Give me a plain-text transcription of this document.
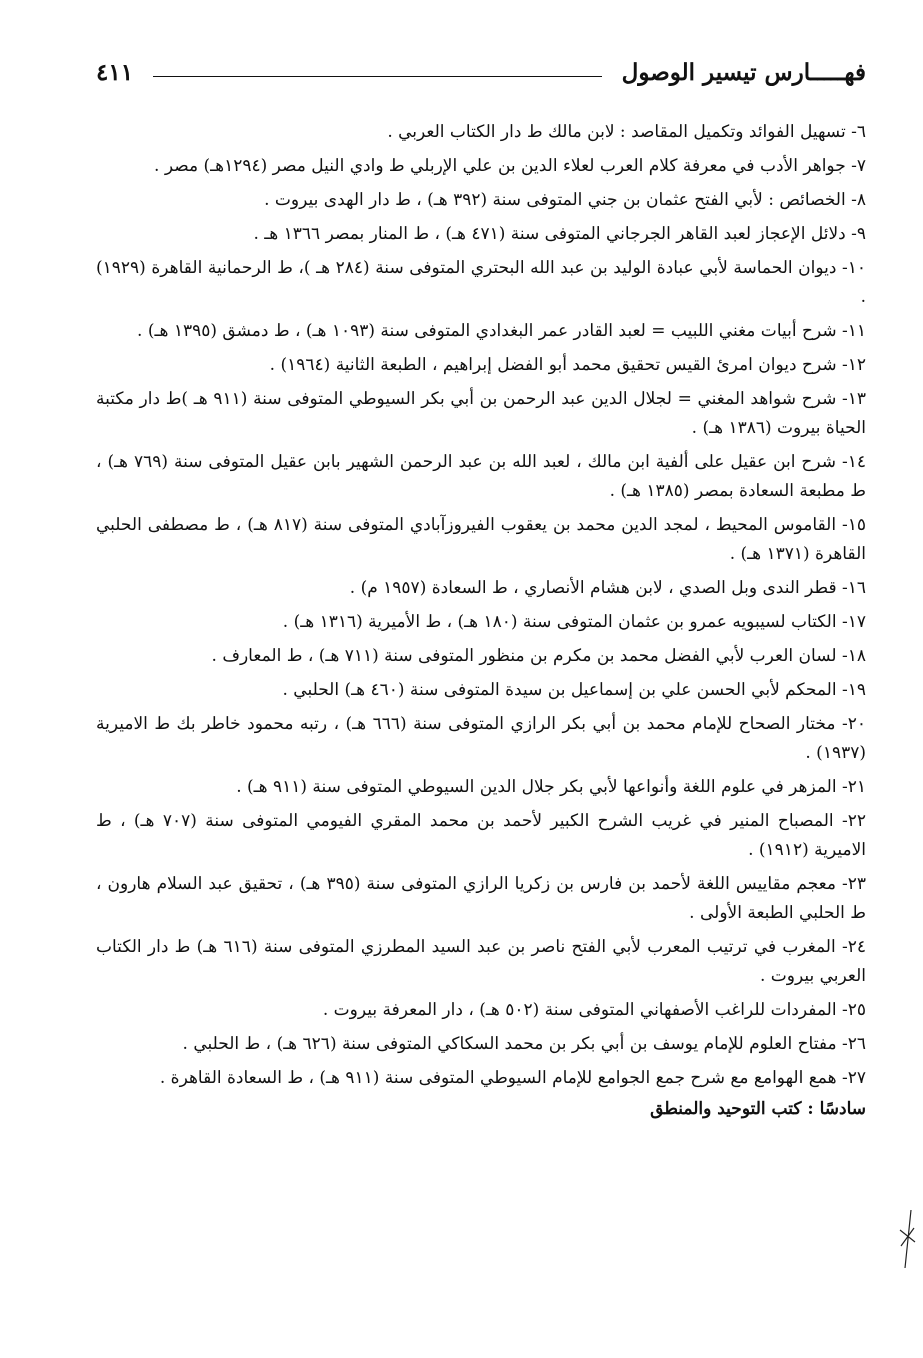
فهـــــارس تيسير الوصول
٤١١

٦- تسهيل الفوائد وتكميل المقاصد : لابن مالك ط دار الكتاب العربي .

٧- جواهر الأدب في معرفة كلام العرب لعلاء الدين بن علي الإربلي ط وادي النيل مصر (١٢٩٤هـ) مصر .

٨- الخصائص : لأبي الفتح عثمان بن جني المتوفى سنة (٣٩٢ هـ) ، ط دار الهدى بيروت .

٩- دلائل الإعجاز لعبد القاهر الجرجاني المتوفى سنة (٤٧١ هـ) ، ط المنار بمصر ١٣٦٦ هـ .

١٠- ديوان الحماسة لأبي عبادة الوليد بن عبد الله البحتري المتوفى سنة (٢٨٤ هـ )، ط الرحمانية القاهرة (١٩٢٩) .

١١- شرح أبيات مغني اللبيب = لعبد القادر عمر البغدادي المتوفى سنة (١٠٩٣ هـ) ، ط دمشق (١٣٩٥ هـ) .

١٢- شرح ديوان امرئ القيس تحقيق محمد أبو الفضل إبراهيم ، الطبعة الثانية (١٩٦٤) .

١٣- شرح شواهد المغني = لجلال الدين عبد الرحمن بن أبي بكر السيوطي المتوفى سنة (٩١١ هـ )ط دار مكتبة الحياة بيروت (١٣٨٦ هـ) .

١٤- شرح ابن عقيل على ألفية ابن مالك ، لعبد الله بن عبد الرحمن الشهير بابن عقيل المتوفى سنة (٧٦٩ هـ) ، ط مطبعة السعادة بمصر (١٣٨٥ هـ) .

١٥- القاموس المحيط ، لمجد الدين محمد بن يعقوب الفيروزآبادي المتوفى سنة (٨١٧ هـ) ، ط مصطفى الحلبي القاهرة (١٣٧١ هـ) .

١٦- قطر الندى وبل الصدي ، لابن هشام الأنصاري ، ط السعادة (١٩٥٧ م) .

١٧- الكتاب لسيبويه عمرو بن عثمان المتوفى سنة (١٨٠ هـ) ، ط الأميرية (١٣١٦ هـ) .

١٨- لسان العرب لأبي الفضل محمد بن مكرم بن منظور المتوفى سنة (٧١١ هـ) ، ط المعارف .

١٩- المحكم لأبي الحسن علي بن إسماعيل بن سيدة المتوفى سنة (٤٦٠ هـ) الحلبي .

٢٠- مختار الصحاح للإمام محمد بن أبي بكر الرازي المتوفى سنة (٦٦٦ هـ) ، رتبه محمود خاطر بك ط الاميرية (١٩٣٧) .

٢١- المزهر في علوم اللغة وأنواعها لأبي بكر جلال الدين السيوطي المتوفى سنة (٩١١ هـ) .

٢٢- المصباح المنير في غريب الشرح الكبير لأحمد بن محمد المقري الفيومي المتوفى سنة (٧٠٧ هـ) ، ط الاميرية (١٩١٢) .

٢٣- معجم مقاييس اللغة لأحمد بن فارس بن زكريا الرازي المتوفى سنة (٣٩٥ هـ) ، تحقيق عبد السلام هارون ، ط الحلبي الطبعة الأولى .

٢٤- المغرب في ترتيب المعرب لأبي الفتح ناصر بن عبد السيد المطرزي المتوفى سنة (٦١٦ هـ) ط دار الكتاب العربي بيروت .

٢٥- المفردات للراغب الأصفهاني المتوفى سنة (٥٠٢ هـ) ، دار المعرفة بيروت .

٢٦- مفتاح العلوم للإمام يوسف بن أبي بكر بن محمد السكاكي المتوفى سنة (٦٢٦ هـ) ، ط الحلبي .

٢٧- همع الهوامع مع شرح جمع الجوامع للإمام السيوطي المتوفى سنة (٩١١ هـ) ، ط السعادة القاهرة .

سادسًا : كتب التوحيد والمنطق
